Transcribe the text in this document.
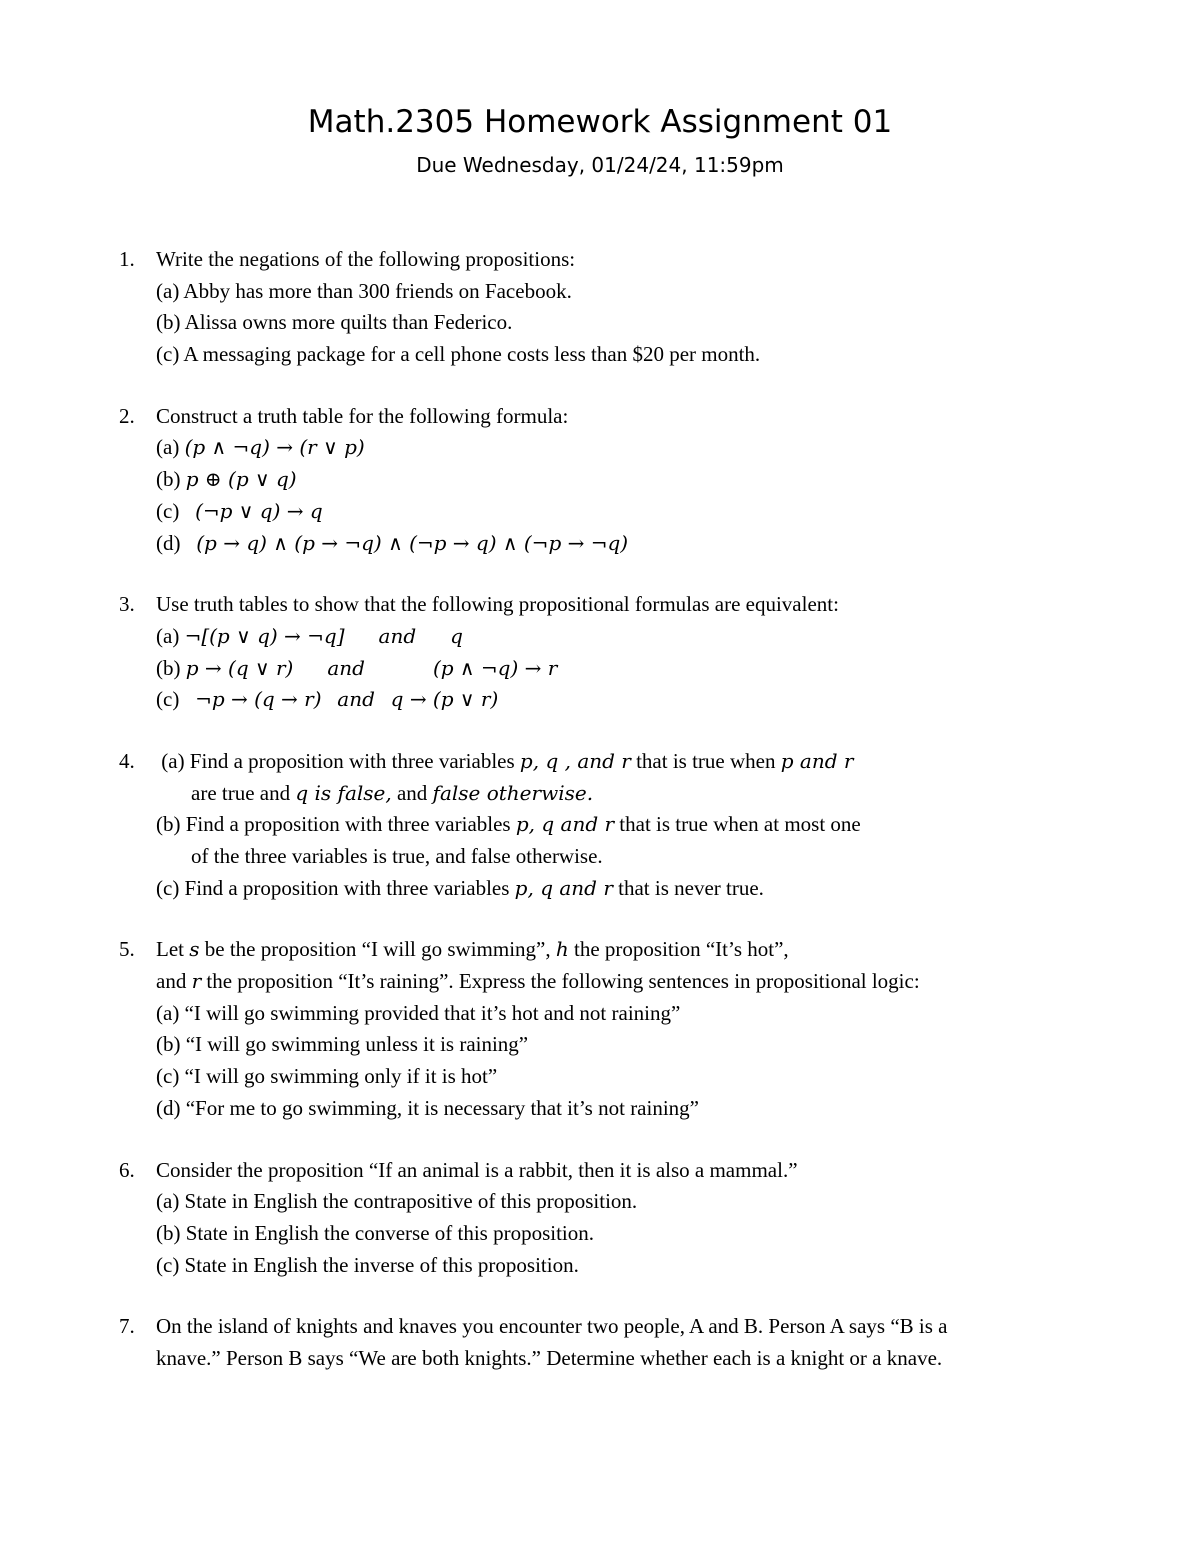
Math.2305 Homework Assignment 01
Due Wednesday, 01/24/24, 11:59pm
1. Write the negations of the following propositions:
(a) Abby has more than 300 friends on Facebook.
(b) Alissa owns more quilts than Federico.
(c) A messaging package for a cell phone costs less than $20 per month.
2. Construct a truth table for the following formula:
(a) (p ∧ ¬q) → (r ∨ p)
(b) p ⊕ (p ∨ q)
(c) (¬p ∨ q) → q
(d) (p → q) ∧ (p → ¬q) ∧ (¬p → q) ∧ (¬p → ¬q)
3. Use truth tables to show that the following propositional formulas are equivalent:
(a) ¬[(p ∨ q) → ¬q] and q
(b) p → (q ∨ r) and	(p ∧ ¬q) → r
(c) ¬p → (q → r) and q → (p ∨ r)
4. (a) Find a proposition with three variables p, q , and r that is true when p and r
are true and q is false, and false otherwise.
(b) Find a proposition with three variables p, q and r that is true when at most one
of the three variables is true, and false otherwise.
(c) Find a proposition with three variables p, q and r that is never true.
5. Let s be the proposition “I will go swimming”, h the proposition “It’s hot”,
and r the proposition “It’s raining”. Express the following sentences in propositional logic:
(a) “I will go swimming provided that it’s hot and not raining”
(b) “I will go swimming unless it is raining”
(c) “I will go swimming only if it is hot”
(d) “For me to go swimming, it is necessary that it’s not raining”
6. Consider the proposition “If an animal is a rabbit, then it is also a mammal.”
(a) State in English the contrapositive of this proposition.
(b) State in English the converse of this proposition.
(c) State in English the inverse of this proposition.
7. On the island of knights and knaves you encounter two people, A and B. Person A says “B is a
knave.” Person B says “We are both knights.” Determine whether each is a knight or a knave.
